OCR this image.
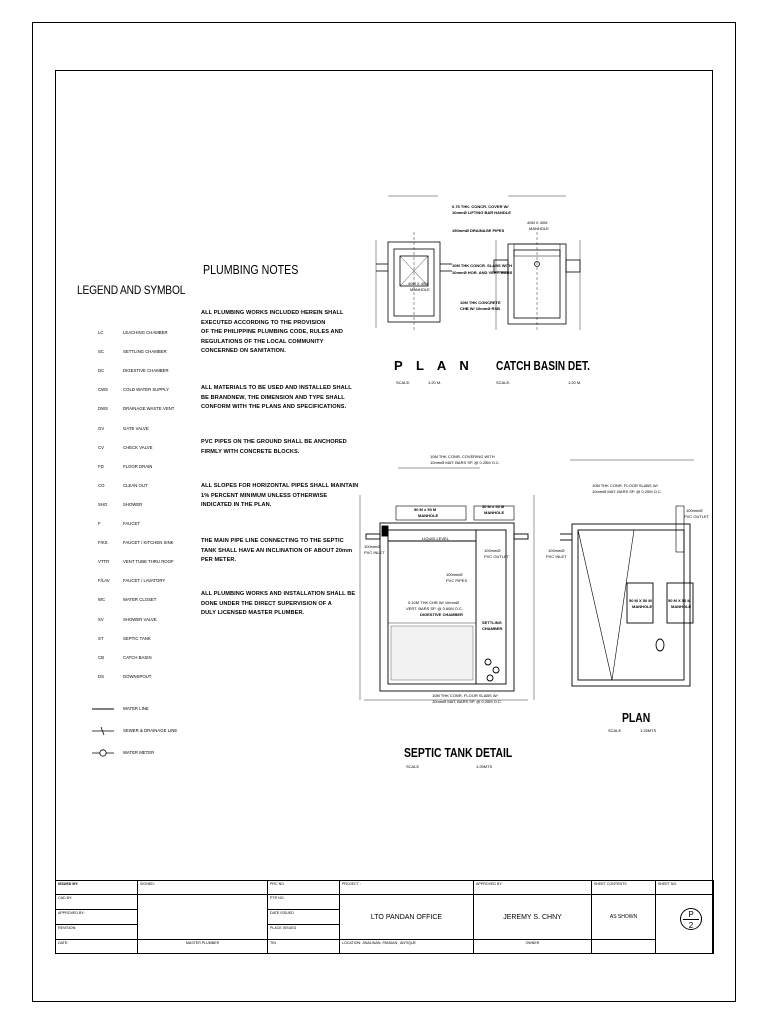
LEGEND AND SYMBOL
LC	LEACHING CHAMBER
SC	SETTLING CHAMBER
DC	DIGESTIVE CHAMBER
CWS	COLD WATER SUPPLY
DWS	DRAINAGE WASTE VENT
GV	GATE VALVE
CV	CHECK VALVE
FD	FLOOR DRAIN
CO	CLEAN OUT
SHO	SHOWER
F	FAUCET
F/KS	FAUCET / KITCHEN SINK
VTTR	VENT TUBE THRU ROOF
F/LAV	FAUCET / LAVATORY
WC	WATER CLOSET
SV	SHOWER VALVE
ST	SEPTIC TANK
CB	CATCH BASIN
DS	DOWNSPOUT
WATER LINE
SEWER & DRAINAGE LINE
WATER METER
PLUMBING NOTES
ALL PLUMBING WORKS INCLUDED HEREIN SHALL
EXECUTED ACCORDING TO THE PROVISION
OF THE PHILIPPINE PLUMBING CODE, RULES AND
REGULATIONS OF THE LOCAL COMMUNITY
CONCERNED ON SANITATION.
ALL MATERIALS TO BE USED AND INSTALLED SHALL
BE BRANDNEW, THE DIMENSION AND TYPE SHALL
CONFORM WITH THE PLANS AND SPECIFICATIONS.
PVC PIPES ON THE GROUND SHALL BE ANCHORED
FIRMLY WITH CONCRETE BLOCKS.
ALL SLOPES FOR HORIZONTAL PIPES SHALL MAINTAIN
1% PERCENT MINIMUM UNLESS OTHERWISE
INDICATED IN THE PLAN.
THE MAIN PIPE LINE CONNECTING TO THE SEPTIC
TANK SHALL HAVE AN INCLINATION OF ABOUT 20mm
PER METER.
ALL PLUMBING WORKS AND INSTALLATION SHALL BE
DONE UNDER THE DIRECT SUPERVISION OF A
DULY LICENSED MASTER PLUMBER.
40M X 40M
MANHOLE
0.75 THK. CONCR. COVER W/
10mmØ LIFTING BAR HANDLE
150mmØ DRAINAGE PIPES
10M THK CONCR. SLABS WITH
10mmØ HOR. AND VERT. BARS
10M THK CONCRETE
CHB W/ 10mmØ RSB
40M X 40M
MANHOLE
P L A N
SCALE:	1:20 M.
CATCH BASIN DET.
SCALE:	1:20 M.
10M THK CONR. COVERING WITH
10mmØ MAT. BARS SP. @ 0.25M O.C.
50 M x 50 M
MANHOLE
50 M x 50 M
MANHOLE
LIQUID LEVEL
100mmØ
PVC INLET	100mmØ
PVC OUTLET
100mmØ
PVC PIPES
0.10M THK CHB W/ 10mmØ
VERT. BARS SP. @ 0.60M O.C.
DIGESTIVE CHAMBER
SETTLING
CHAMBER
10M THK CONR. FLOOR SLABS W/
10mmØ MAT. BARS SP. @ 0.20M O.C.
SEPTIC TANK DETAIL
SCALE	1:25MTS
10M THK CONR. FLOOR SLABS W/
10mmØ MAT. BARS SP. @ 0.20M O.C.
100mmØ
PVC OUTLET
100mmØ
PVC INLET
50 M X 50 M
MANHOLE
50 M X 50 M
MANHOLE
PLAN
SCALE	1:25MTS
ISSUED BY:	SIGNED:	PRC NO.	PROJECT :	APPROVED BY:	SHEET CONTENTS	SHEET NO.
CAD BY:		PTR NO.	LTO PANDAN OFFICE	JEREMY S. CHNY	AS SHOWN	
APPROVED BY:		DATE ISSUED				
REVISION:		PLACE ISSUED				
DATE:	MASTER PLUMBER	TIN	LOCATION: JINALINAN, PANDAN , ANTIQUE	OWNER		
P
2
